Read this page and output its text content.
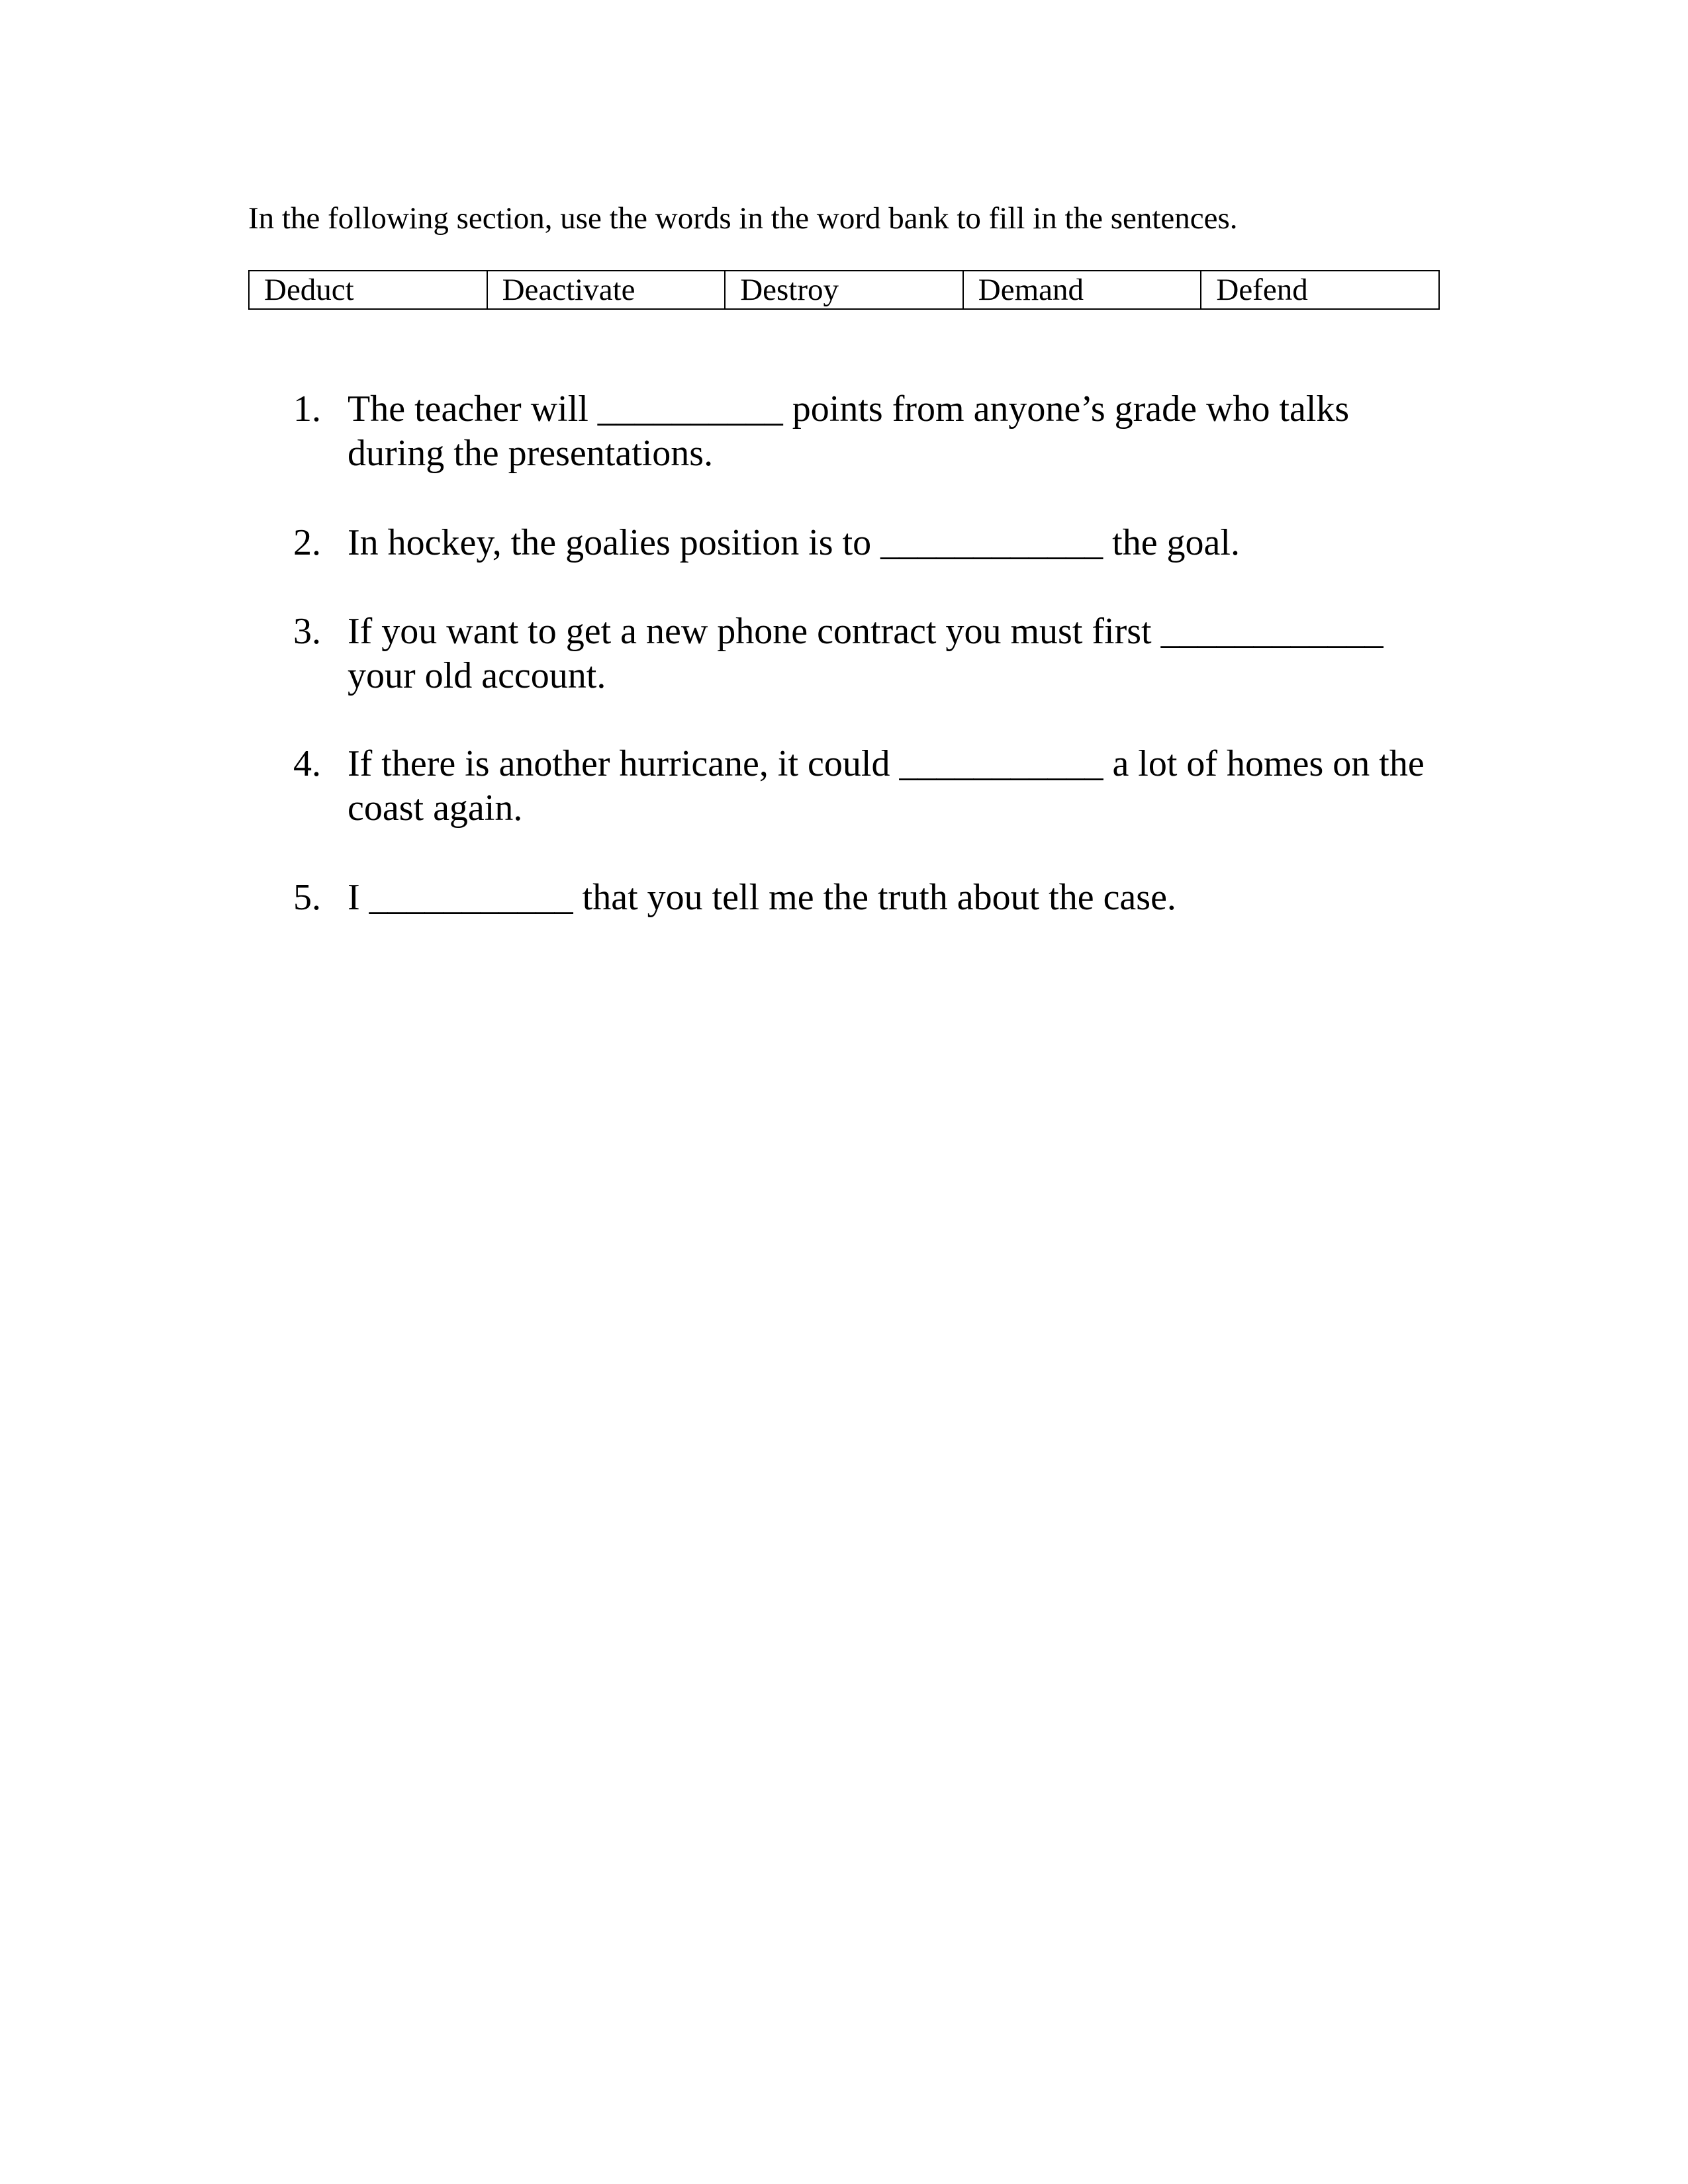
In the following section, use the words in the word bank to fill in the sentences.
Deduct	Deactivate	Destroy	Demand	Defend
1. The teacher will __________ points from anyone’s grade who talks during the presentations.
2. In hockey, the goalies position is to ____________ the goal.
3. If you want to get a new phone contract you must first ____________ your old account.
4. If there is another hurricane, it could ___________ a lot of homes on the coast again.
5. I ___________ that you tell me the truth about the case.
